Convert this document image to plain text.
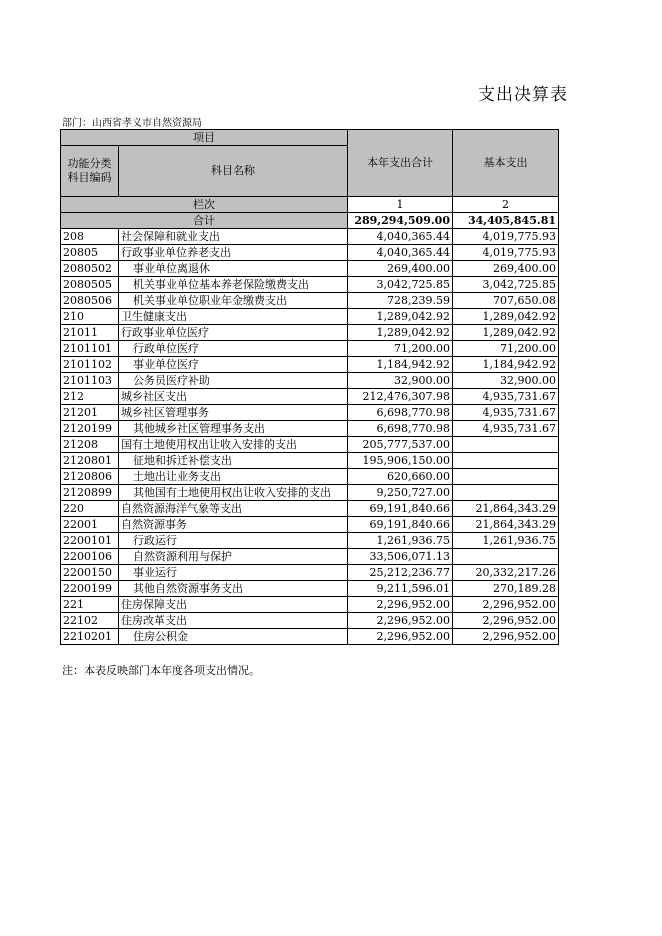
支出决算表
部门：山西省孝义市自然资源局
项目		本年支出合计	基本支出
功能分类
科目编码	科目名称		
栏次		1	2
合计		289,294,509.00	34,405,845.81
208	社会保障和就业支出	4,040,365.44	4,019,775.93
20805	行政事业单位养老支出	4,040,365.44	4,019,775.93
2080502	事业单位离退休	269,400.00	269,400.00
2080505	机关事业单位基本养老保险缴费支出	3,042,725.85	3,042,725.85
2080506	机关事业单位职业年金缴费支出	728,239.59	707,650.08
210	卫生健康支出	1,289,042.92	1,289,042.92
21011	行政事业单位医疗	1,289,042.92	1,289,042.92
2101101	行政单位医疗	71,200.00	71,200.00
2101102	事业单位医疗	1,184,942.92	1,184,942.92
2101103	公务员医疗补助	32,900.00	32,900.00
212	城乡社区支出	212,476,307.98	4,935,731.67
21201	城乡社区管理事务	6,698,770.98	4,935,731.67
2120199	其他城乡社区管理事务支出	6,698,770.98	4,935,731.67
21208	国有土地使用权出让收入安排的支出	205,777,537.00	
2120801	征地和拆迁补偿支出	195,906,150.00	
2120806	土地出让业务支出	620,660.00	
2120899	其他国有土地使用权出让收入安排的支出	9,250,727.00	
220	自然资源海洋气象等支出	69,191,840.66	21,864,343.29
22001	自然资源事务	69,191,840.66	21,864,343.29
2200101	行政运行	1,261,936.75	1,261,936.75
2200106	自然资源利用与保护	33,506,071.13	
2200150	事业运行	25,212,236.77	20,332,217.26
2200199	其他自然资源事务支出	9,211,596.01	270,189.28
221	住房保障支出	2,296,952.00	2,296,952.00
22102	住房改革支出	2,296,952.00	2,296,952.00
2210201	住房公积金	2,296,952.00	2,296,952.00
注：本表反映部门本年度各项支出情况。
